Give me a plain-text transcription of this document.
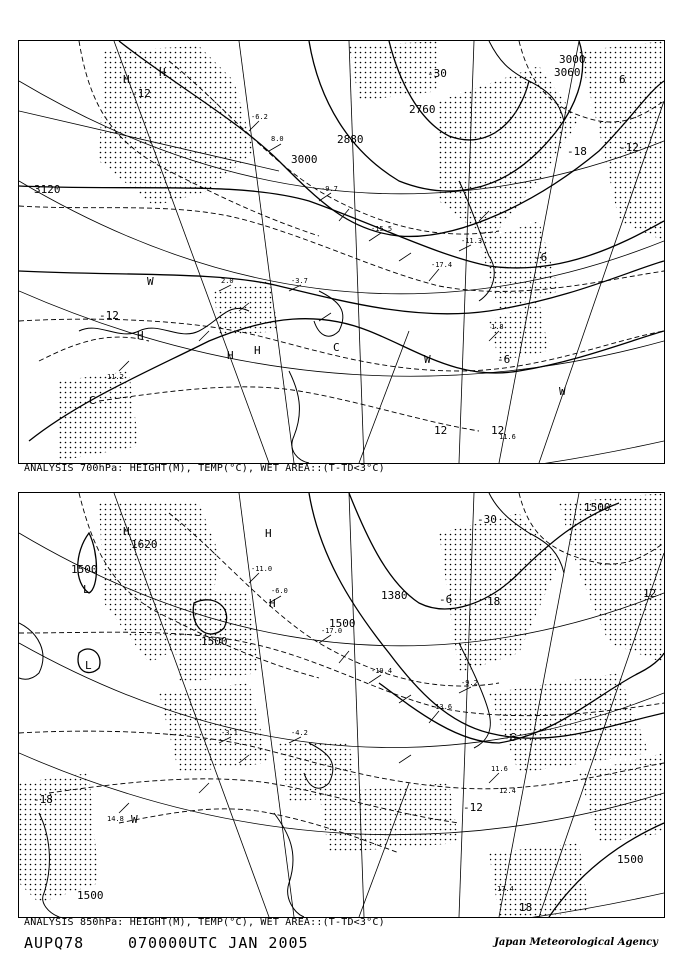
-6.2
8.0
-9.7
-15.5
-17.4
-11.3
2.0	-3.7
1.8
11.6
11.2
3120
3000
3000
2880
2760
3060
-12
-6
-18	-12
-6
-12
6
12	12
-30
H
H
H
H H	C
C
W
W
W
ANALYSIS 700hPa: HEIGHT(M), TEMP(°C), WET AREA::(T-TD<3°C)
-11.0
-6.0
-17.0
-19.4
-13.6
-9.2
-3.1	-4.2
11.6
12.4
14.8
17.4
1620
1500
1500
1380
1500
1500
1500
1500
-18
-6
-12
18
12
-30
18
-6
H	H
H
L
L
W
ANALYSIS 850hPa: HEIGHT(M), TEMP(°C), WET AREA::(T-TD<3°C)
AUPQ78	070000UTC JAN 2005	Japan Meteorological Agency
